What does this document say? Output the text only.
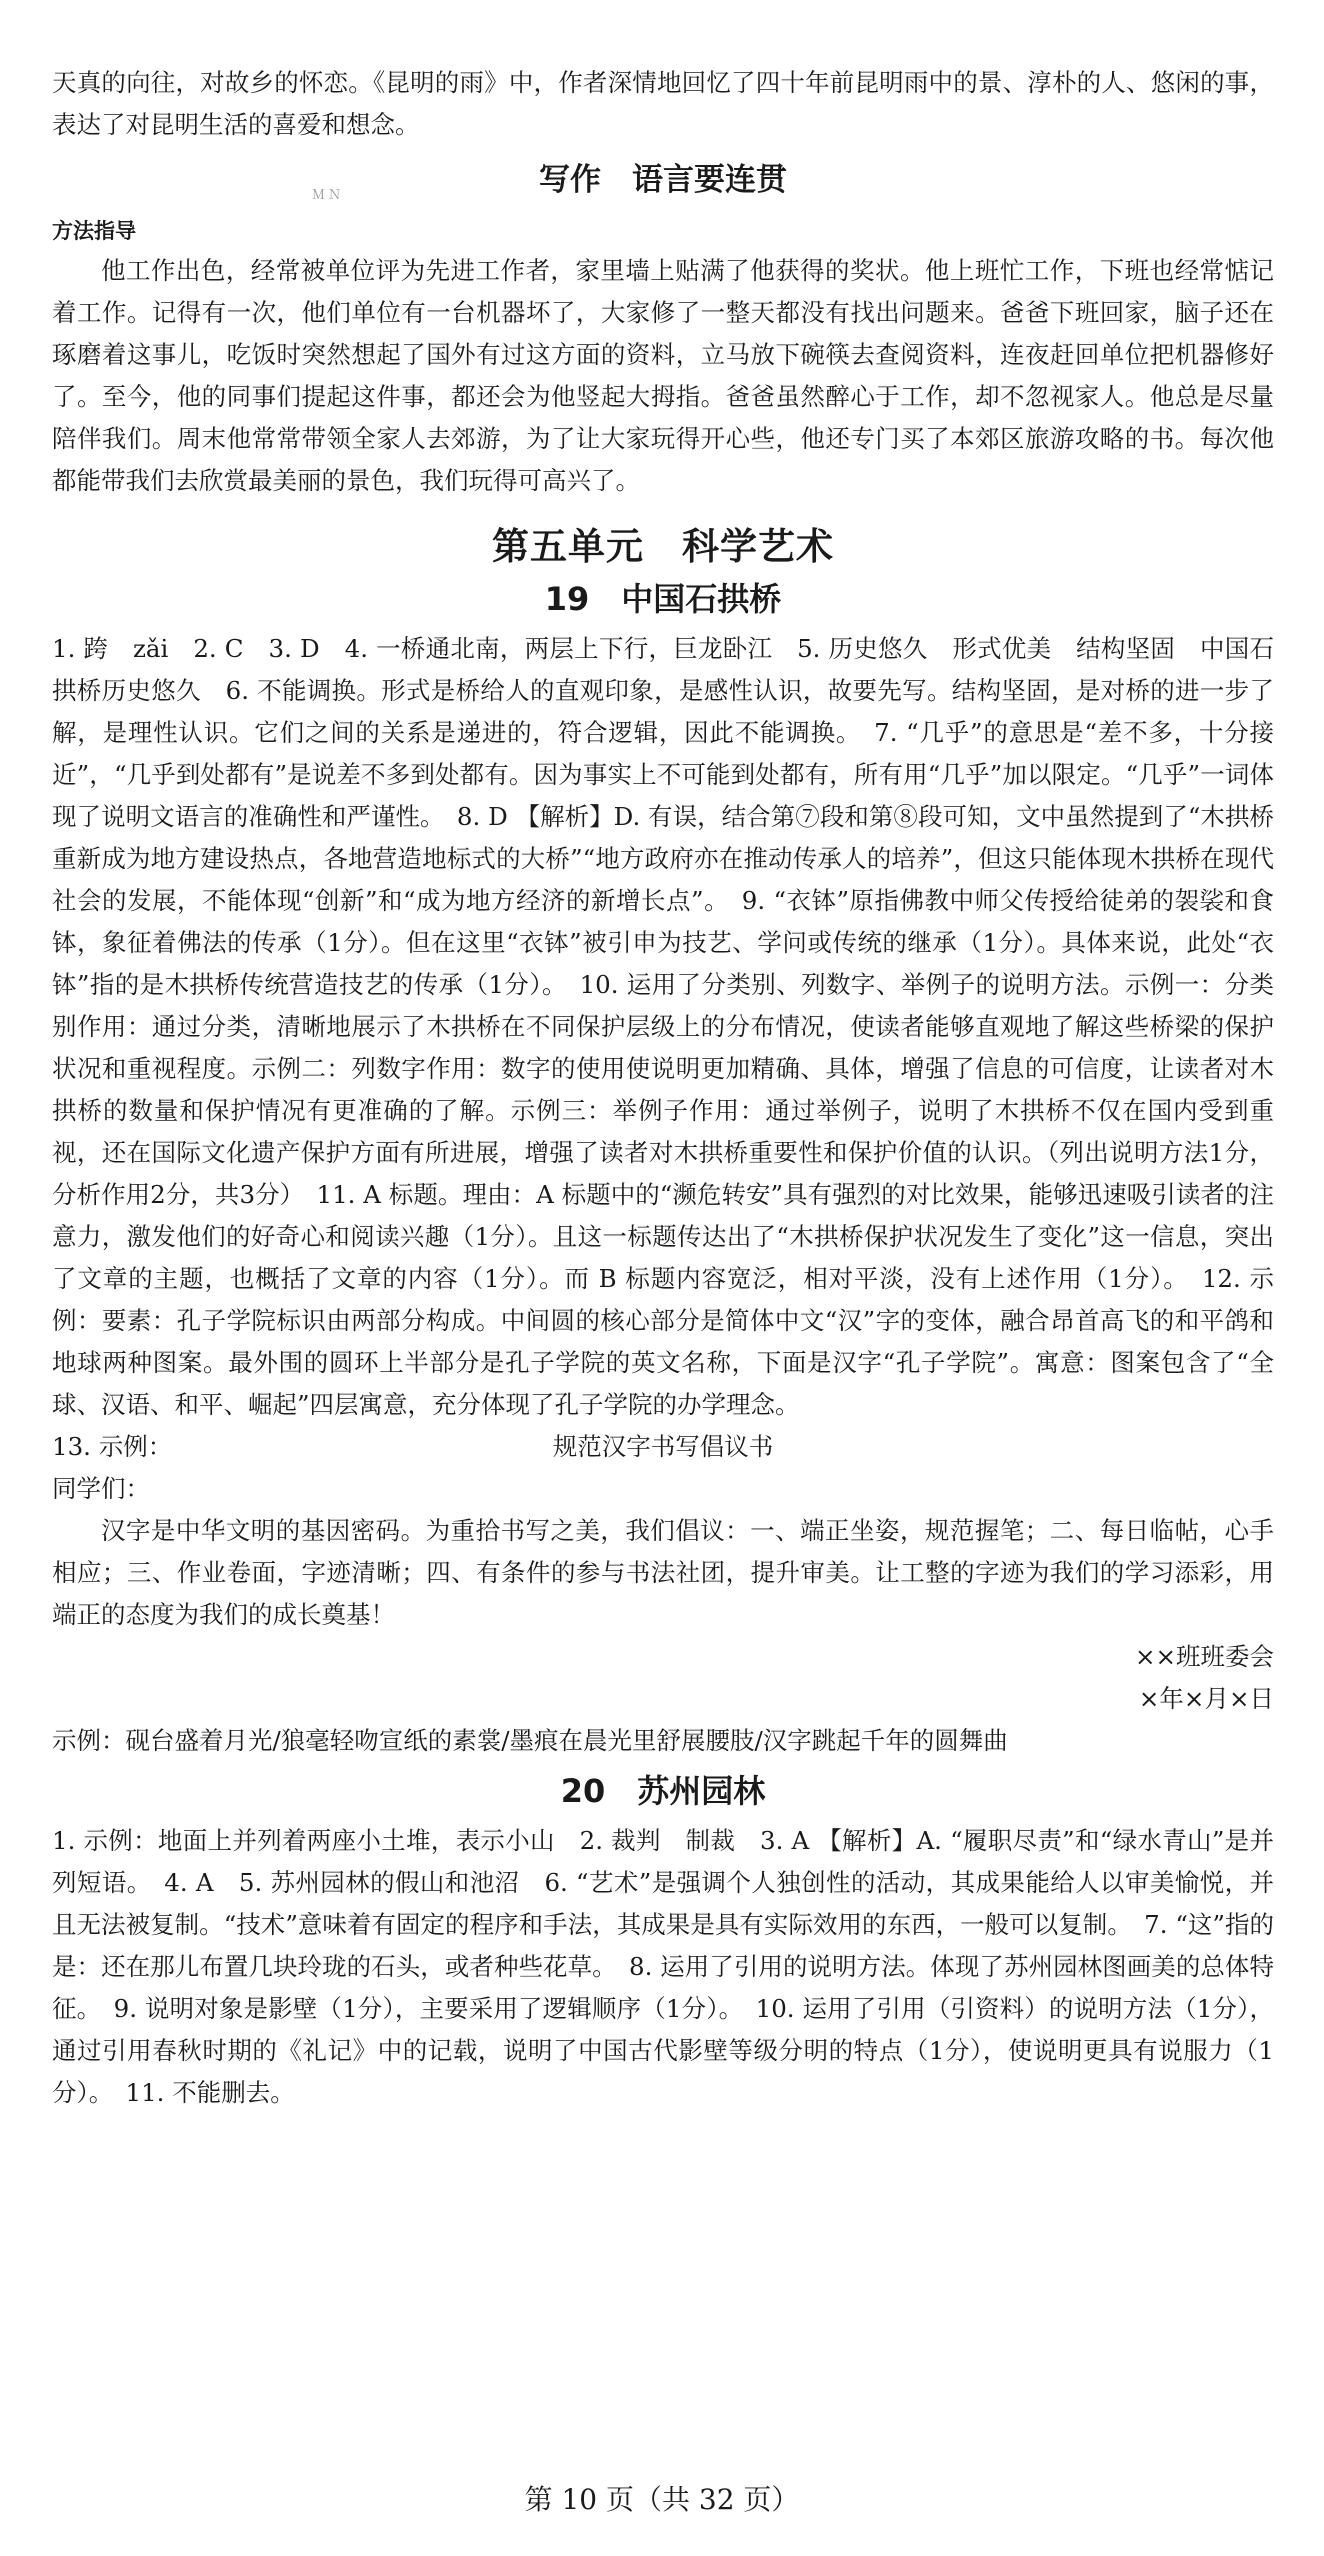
ＭＮ

天真的向往，对故乡的怀恋。《昆明的雨》中，作者深情地回忆了四十年前昆明雨中的景、淳朴的人、悠闲的事，表达了对昆明生活的喜爱和想念。

写作　语言要连贯
方法指导

他工作出色，经常被单位评为先进工作者，家里墙上贴满了他获得的奖状。他上班忙工作，下班也经常惦记着工作。记得有一次，他们单位有一台机器坏了，大家修了一整天都没有找出问题来。爸爸下班回家，脑子还在琢磨着这事儿，吃饭时突然想起了国外有过这方面的资料，立马放下碗筷去查阅资料，连夜赶回单位把机器修好了。至今，他的同事们提起这件事，都还会为他竖起大拇指。爸爸虽然醉心于工作，却不忽视家人。他总是尽量陪伴我们。周末他常常带领全家人去郊游，为了让大家玩得开心些，他还专门买了本郊区旅游攻略的书。每次他都能带我们去欣赏最美丽的景色，我们玩得可高兴了。

第五单元　科学艺术
19　中国石拱桥

1. 跨　zǎi　2. C　3. D　4. 一桥通北南，两层上下行，巨龙卧江　5. 历史悠久　形式优美　结构坚固　中国石拱桥历史悠久　6. 不能调换。形式是桥给人的直观印象，是感性认识，故要先写。结构坚固，是对桥的进一步了解，是理性认识。它们之间的关系是递进的，符合逻辑，因此不能调换。　7. “几乎”的意思是“差不多，十分接近”，“几乎到处都有”是说差不多到处都有。因为事实上不可能到处都有，所有用“几乎”加以限定。“几乎”一词体现了说明文语言的准确性和严谨性。　8. D 【解析】D. 有误，结合第⑦段和第⑧段可知，文中虽然提到了“木拱桥重新成为地方建设热点，各地营造地标式的大桥”“地方政府亦在推动传承人的培养”，但这只能体现木拱桥在现代社会的发展，不能体现“创新”和“成为地方经济的新增长点”。　9. “衣钵”原指佛教中师父传授给徒弟的袈裟和食钵，象征着佛法的传承（1分）。但在这里“衣钵”被引申为技艺、学问或传统的继承（1分）。具体来说，此处“衣钵”指的是木拱桥传统营造技艺的传承（1分）。　10. 运用了分类别、列数字、举例子的说明方法。示例一：分类别作用：通过分类，清晰地展示了木拱桥在不同保护层级上的分布情况，使读者能够直观地了解这些桥梁的保护状况和重视程度。示例二：列数字作用：数字的使用使说明更加精确、具体，增强了信息的可信度，让读者对木拱桥的数量和保护情况有更准确的了解。示例三：举例子作用：通过举例子，说明了木拱桥不仅在国内受到重视，还在国际文化遗产保护方面有所进展，增强了读者对木拱桥重要性和保护价值的认识。（列出说明方法1分，分析作用2分，共3分）　11. A 标题。理由：A 标题中的“濒危转安”具有强烈的对比效果，能够迅速吸引读者的注意力，激发他们的好奇心和阅读兴趣（1分）。且这一标题传达出了“木拱桥保护状况发生了变化”这一信息，突出了文章的主题，也概括了文章的内容（1分）。而 B 标题内容宽泛，相对平淡，没有上述作用（1分）。　12. 示例：要素：孔子学院标识由两部分构成。中间圆的核心部分是简体中文“汉”字的变体，融合昂首高飞的和平鸽和地球两种图案。最外围的圆环上半部分是孔子学院的英文名称，下面是汉字“孔子学院”。寓意：图案包含了“全球、汉语、和平、崛起”四层寓意，充分体现了孔子学院的办学理念。

13. 示例：	规范汉字书写倡议书

同学们：

汉字是中华文明的基因密码。为重拾书写之美，我们倡议：一、端正坐姿，规范握笔；二、每日临帖，心手相应；三、作业卷面，字迹清晰；四、有条件的参与书法社团，提升审美。让工整的字迹为我们的学习添彩，用端正的态度为我们的成长奠基！

××班班委会

×年×月×日

示例：砚台盛着月光/狼毫轻吻宣纸的素裳/墨痕在晨光里舒展腰肢/汉字跳起千年的圆舞曲

20　苏州园林

1. 示例：地面上并列着两座小土堆，表示小山　2. 裁判　制裁　3. A 【解析】A. “履职尽责”和“绿水青山”是并列短语。　4. A　5. 苏州园林的假山和池沼　6. “艺术”是强调个人独创性的活动，其成果能给人以审美愉悦，并且无法被复制。“技术”意味着有固定的程序和手法，其成果是具有实际效用的东西，一般可以复制。　7. “这”指的是：还在那儿布置几块玲珑的石头，或者种些花草。　8. 运用了引用的说明方法。体现了苏州园林图画美的总体特征。　9. 说明对象是影壁（1分），主要采用了逻辑顺序（1分）。　10. 运用了引用（引资料）的说明方法（1分），通过引用春秋时期的《礼记》中的记载，说明了中国古代影壁等级分明的特点（1分），使说明更具有说服力（1分）。　11. 不能删去。

第 10 页（共 32 页）
